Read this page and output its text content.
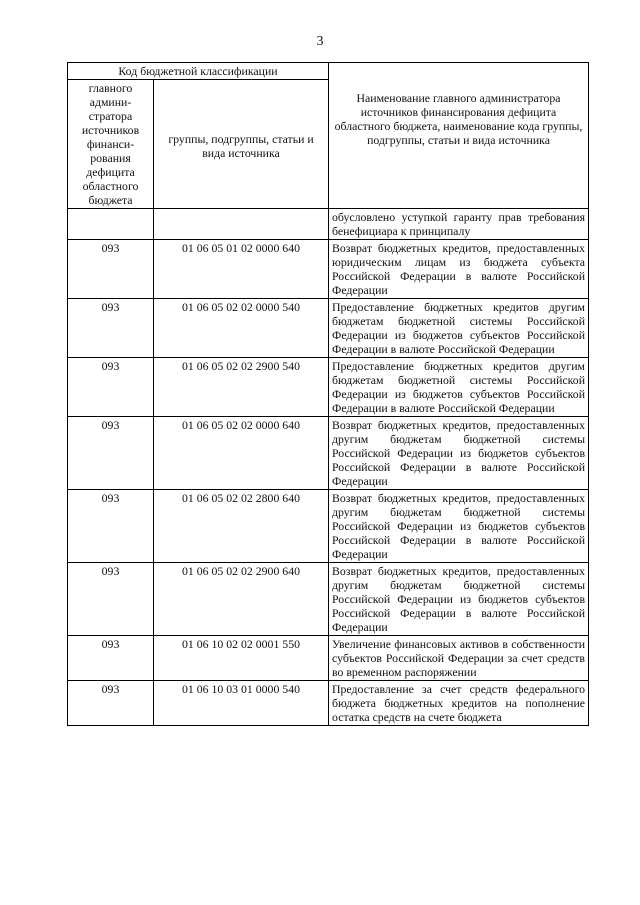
3
Код бюджетной классификации		Наименование главного администратора источников финансирования дефицита областного бюджета, наименование кода группы, подгруппы, статьи и вида источника
главного админи-стратора источников финанси-рования дефицита областного бюджета	группы, подгруппы, статьи и вида источника	
		обусловлено уступкой гаранту прав требования бенефициара к принципалу
093	01 06 05 01 02 0000 640	Возврат бюджетных кредитов, предоставленных юридическим лицам из бюджета субъекта Российской Федерации в валюте Российской Федерации
093	01 06 05 02 02 0000 540	Предоставление бюджетных кредитов другим бюджетам бюджетной системы Российской Федерации из бюджетов субъектов Российской Федерации в валюте Российской Федерации
093	01 06 05 02 02 2900 540	Предоставление бюджетных кредитов другим бюджетам бюджетной системы Российской Федерации из бюджетов субъектов Российской Федерации в валюте Российской Федерации
093	01 06 05 02 02 0000 640	Возврат бюджетных кредитов, предоставленных другим бюджетам бюджетной системы Российской Федерации из бюджетов субъектов Российской Федерации в валюте Российской Федерации
093	01 06 05 02 02 2800 640	Возврат бюджетных кредитов, предоставленных другим бюджетам бюджетной системы Российской Федерации из бюджетов субъектов Российской Федерации в валюте Российской Федерации
093	01 06 05 02 02 2900 640	Возврат бюджетных кредитов, предоставленных другим бюджетам бюджетной системы Российской Федерации из бюджетов субъектов Российской Федерации в валюте Российской Федерации
093	01 06 10 02 02 0001 550	Увеличение финансовых активов в собственности субъектов Российской Федерации за счет средств во временном распоряжении
093	01 06 10 03 01 0000 540	Предоставление за счет средств федерального бюджета бюджетных кредитов на пополнение остатка средств на счете бюджета
